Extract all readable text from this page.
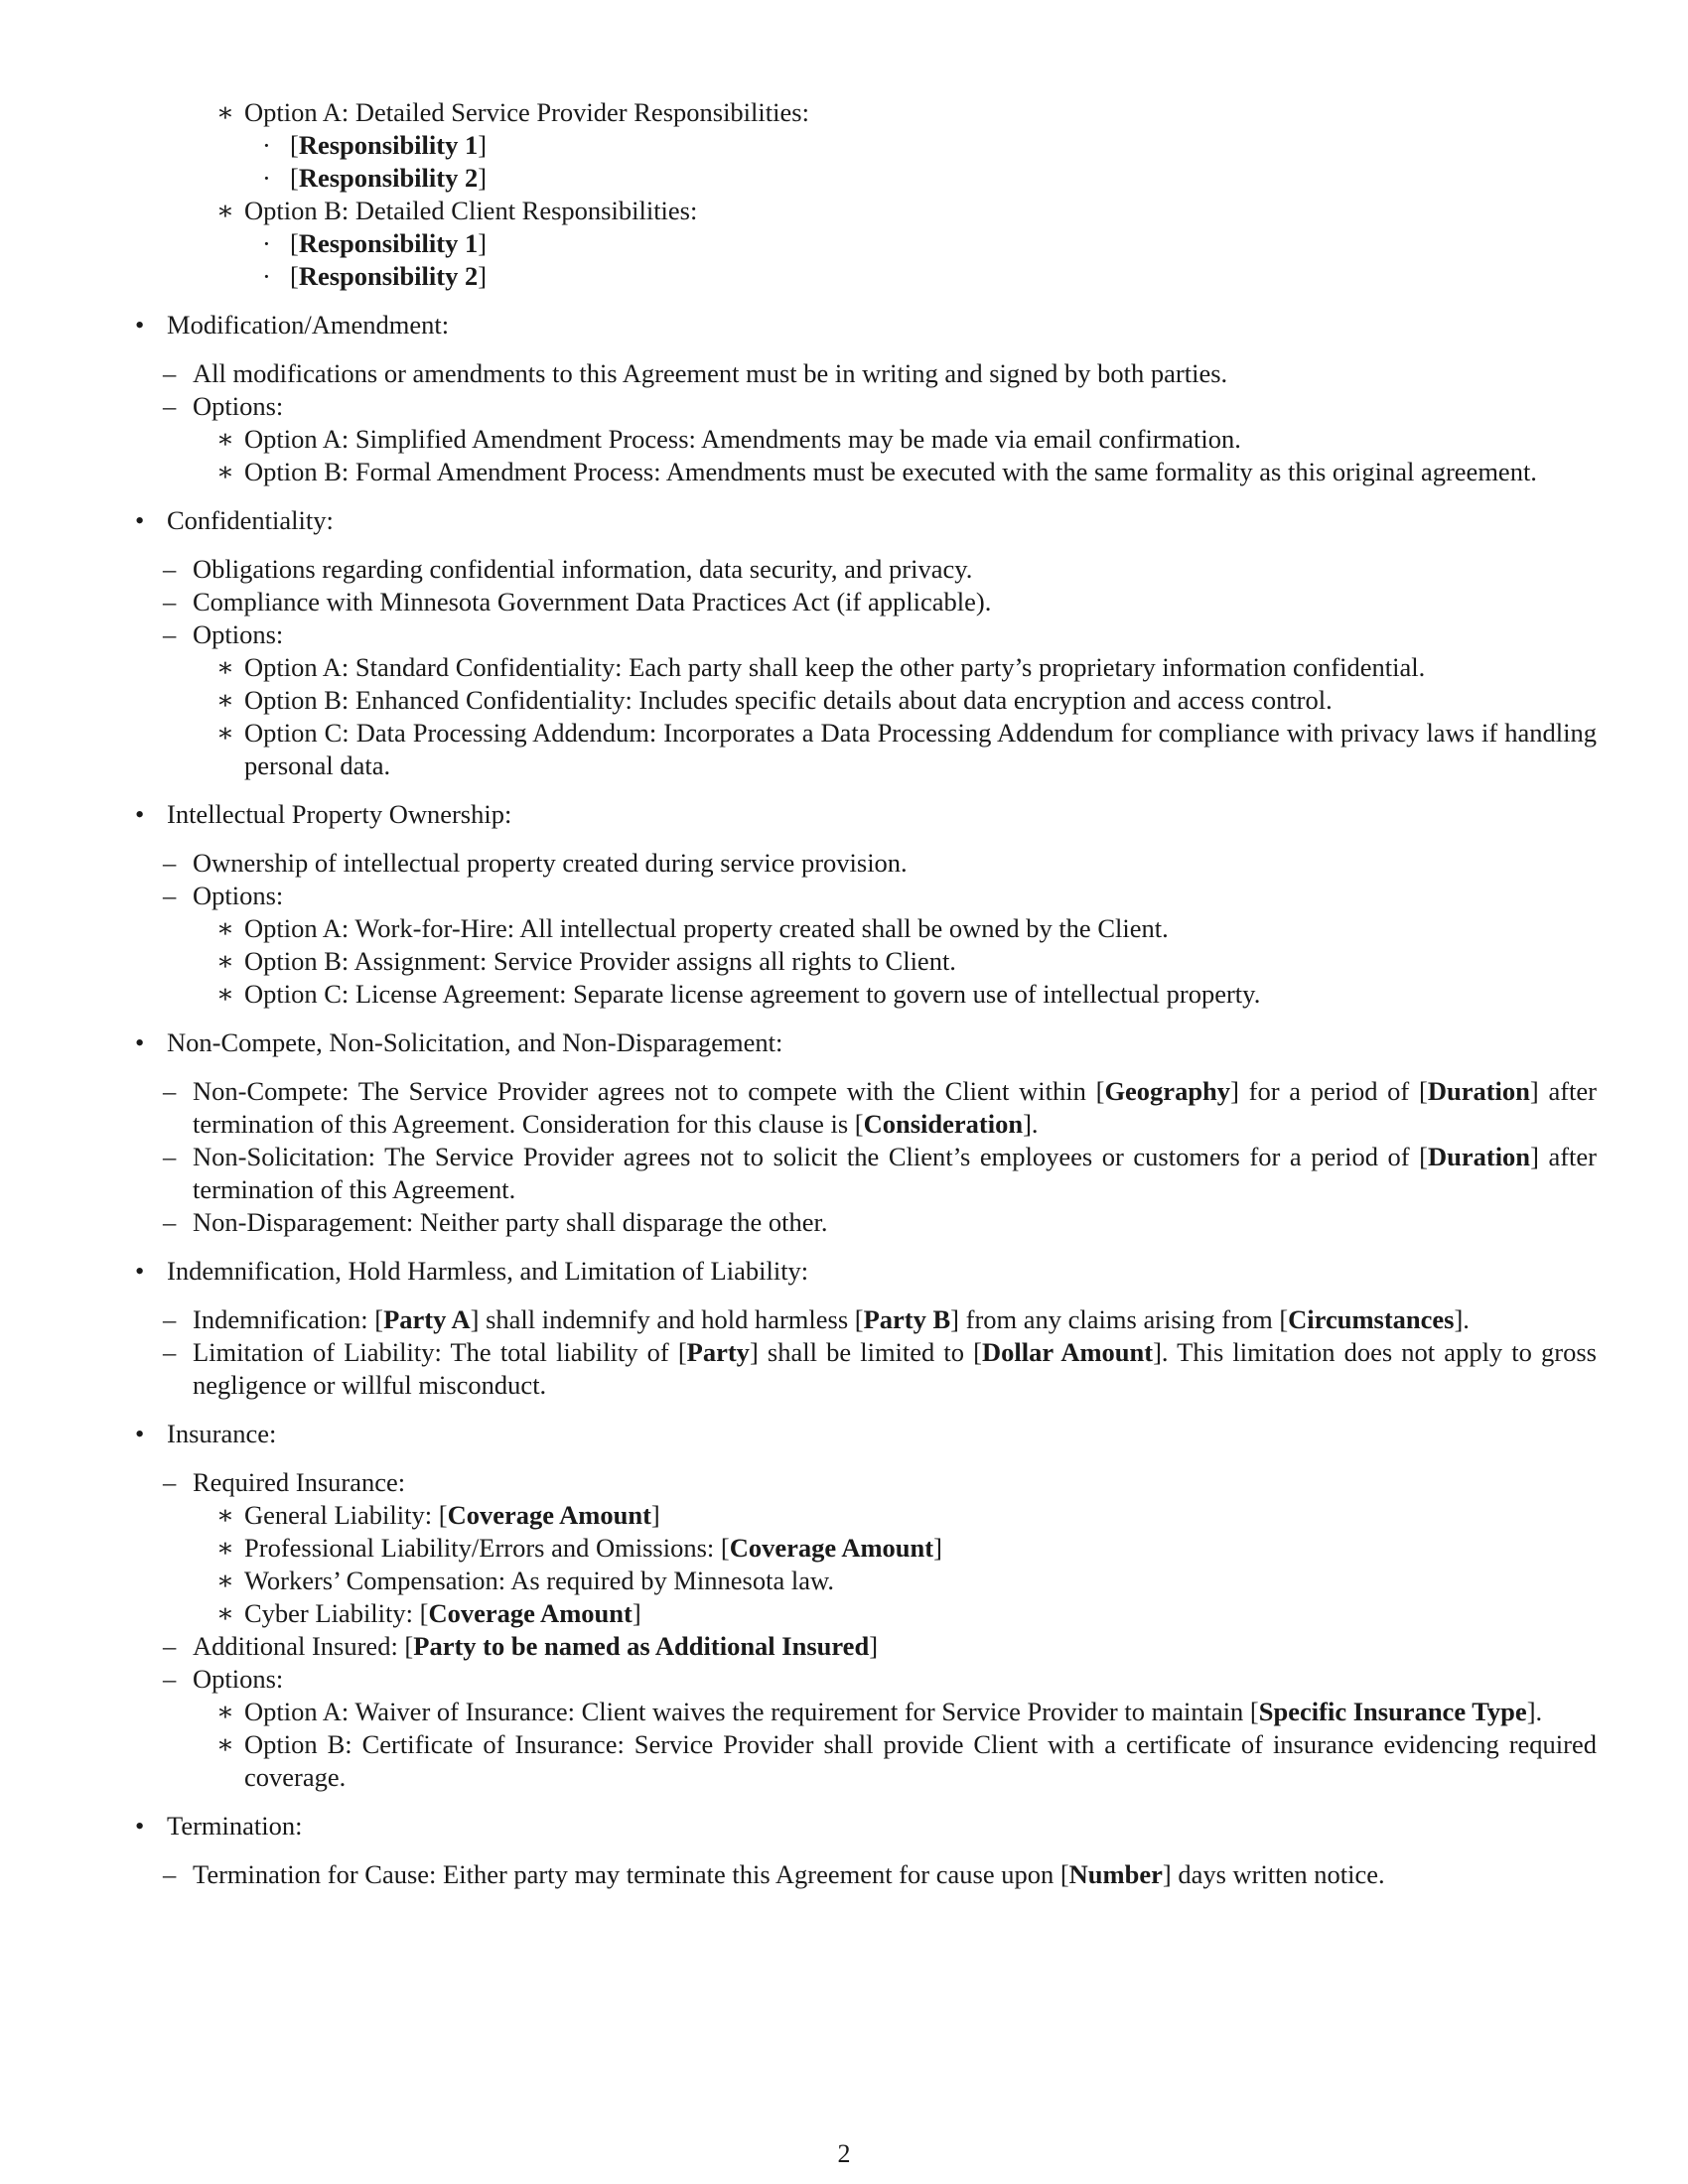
∗ Option A: Detailed Service Provider Responsibilities:
· [Responsibility 1]
· [Responsibility 2]
∗ Option B: Detailed Client Responsibilities:
· [Responsibility 1]
· [Responsibility 2]
• Modification/Amendment:
– All modifications or amendments to this Agreement must be in writing and signed by both parties.
– Options:
∗ Option A: Simplified Amendment Process: Amendments may be made via email confirmation.
∗ Option B: Formal Amendment Process: Amendments must be executed with the same formality as this original agreement.
• Confidentiality:
– Obligations regarding confidential information, data security, and privacy.
– Compliance with Minnesota Government Data Practices Act (if applicable).
– Options:
∗ Option A: Standard Confidentiality: Each party shall keep the other party’s proprietary information confidential.
∗ Option B: Enhanced Confidentiality: Includes specific details about data encryption and access control.
∗ Option C: Data Processing Addendum: Incorporates a Data Processing Addendum for compliance with privacy laws if handling personal data.
• Intellectual Property Ownership:
– Ownership of intellectual property created during service provision.
– Options:
∗ Option A: Work-for-Hire: All intellectual property created shall be owned by the Client.
∗ Option B: Assignment: Service Provider assigns all rights to Client.
∗ Option C: License Agreement: Separate license agreement to govern use of intellectual property.
• Non-Compete, Non-Solicitation, and Non-Disparagement:
– Non-Compete: The Service Provider agrees not to compete with the Client within [Geography] for a period of [Duration] after termination of this Agreement. Consideration for this clause is [Consideration].
– Non-Solicitation: The Service Provider agrees not to solicit the Client’s employees or customers for a period of [Duration] after termination of this Agreement.
– Non-Disparagement: Neither party shall disparage the other.
• Indemnification, Hold Harmless, and Limitation of Liability:
– Indemnification: [Party A] shall indemnify and hold harmless [Party B] from any claims arising from [Circumstances].
– Limitation of Liability: The total liability of [Party] shall be limited to [Dollar Amount]. This limitation does not apply to gross negligence or willful misconduct.
• Insurance:
– Required Insurance:
∗ General Liability: [Coverage Amount]
∗ Professional Liability/Errors and Omissions: [Coverage Amount]
∗ Workers’ Compensation: As required by Minnesota law.
∗ Cyber Liability: [Coverage Amount]
– Additional Insured: [Party to be named as Additional Insured]
– Options:
∗ Option A: Waiver of Insurance: Client waives the requirement for Service Provider to maintain [Specific Insurance Type].
∗ Option B: Certificate of Insurance: Service Provider shall provide Client with a certificate of insurance evidencing required coverage.
• Termination:
– Termination for Cause: Either party may terminate this Agreement for cause upon [Number] days written notice.
2
